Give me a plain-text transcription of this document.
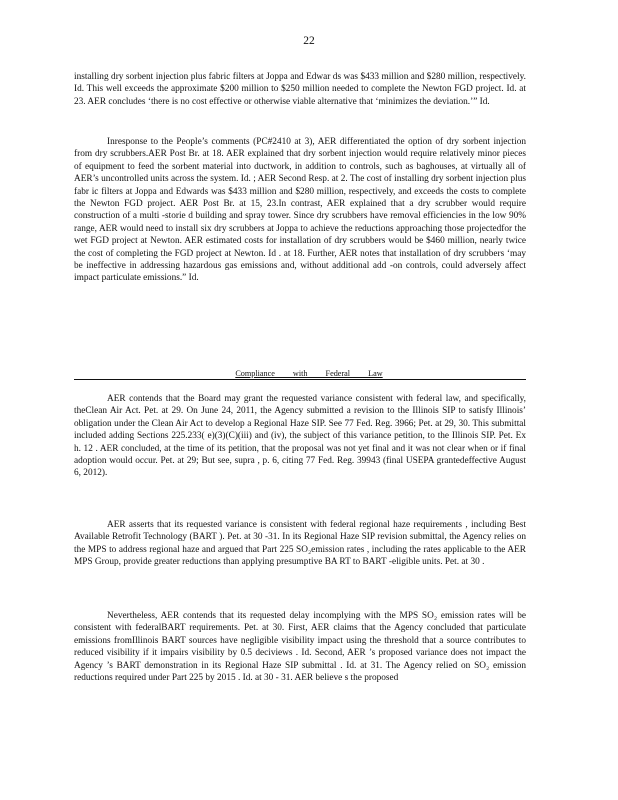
22

installing dry sorbent injection plus fabric filters at Joppa and Edwar ds was $433 million and $280 million, respectively. Id. This well exceeds the approximate $200 million to $250 million needed to complete the Newton FGD project. Id. at 23. AER concludes ‘there is no cost effective or otherwise viable alternative that ‘minimizes the deviation.’” Id.

Inresponse to the People’s comments (PC#2410 at 3), AER differentiated the option of dry sorbent injection from dry scrubbers.AER Post Br. at 18. AER explained that dry sorbent injection would require relatively minor pieces of equipment to feed the sorbent material into ductwork, in addition to controls, such as baghouses, at virtually all of AER’s uncontrolled units across the system. Id. ; AER Second Resp. at 2. The cost of installing dry sorbent injection plus fabr ic filters at Joppa and Edwards was $433 million and $280 million, respectively, and exceeds the costs to complete the Newton FGD project. AER Post Br. at 15, 23.In contrast, AER explained that a dry scrubber would require construction of a multi -storie d building and spray tower. Since dry scrubbers have removal efficiencies in the low 90% range, AER would need to install six dry scrubbers at Joppa to achieve the reductions approaching those projectedfor the wet FGD project at Newton. AER estimated costs for installation of dry scrubbers would be $460 million, nearly twice the cost of completing the FGD project at Newton. Id . at 18. Further, AER notes that installation of dry scrubbers ‘may be ineffective in addressing hazardous gas emissions and, without additional add -on controls, could adversely affect impact particulate emissions.” Id.

Compliance with Federal Law

AER contends that the Board may grant the requested variance consistent with federal law, and specifically, theClean Air Act. Pet. at 29. On June 24, 2011, the Agency submitted a revision to the Illinois SIP to satisfy Illinois’ obligation under the Clean Air Act to develop a Regional Haze SIP. See 77 Fed. Reg. 3966; Pet. at 29, 30. This submittal included adding Sections 225.233( e)(3)(C)(iii) and (iv), the subject of this variance petition, to the Illinois SIP. Pet. Ex h. 12 . AER concluded, at the time of its petition, that the proposal was not yet final and it was not clear when or if final adoption would occur. Pet. at 29; But see, supra , p. 6, citing 77 Fed. Reg. 39943 (final USEPA grantedeffective August 6, 2012).

AER asserts that its requested variance is consistent with federal regional haze requirements , including Best Available Retrofit Technology (BART ). Pet. at 30 -31. In its Regional Haze SIP revision submittal, the Agency relies on the MPS to address regional haze and argued that Part 225 SO₂emission rates , including the rates applicable to the AER MPS Group, provide greater reductions than applying presumptive BA RT to BART -eligible units. Pet. at 30 .

Nevertheless, AER contends that its requested delay incomplying with the MPS SO₂ emission rates will be consistent with federalBART requirements. Pet. at 30. First, AER claims that the Agency concluded that particulate emissions fromIllinois BART sources have negligible visibility impact using the threshold that a source contributes to reduced visibility if it impairs visibility by 0.5 deciviews . Id. Second, AER ’s proposed variance does not impact the Agency ’s BART demonstration in its Regional Haze SIP submittal . Id. at 31. The Agency relied on SO₂ emission reductions required under Part 225 by 2015 . Id. at 30 - 31. AER believe s the proposed
